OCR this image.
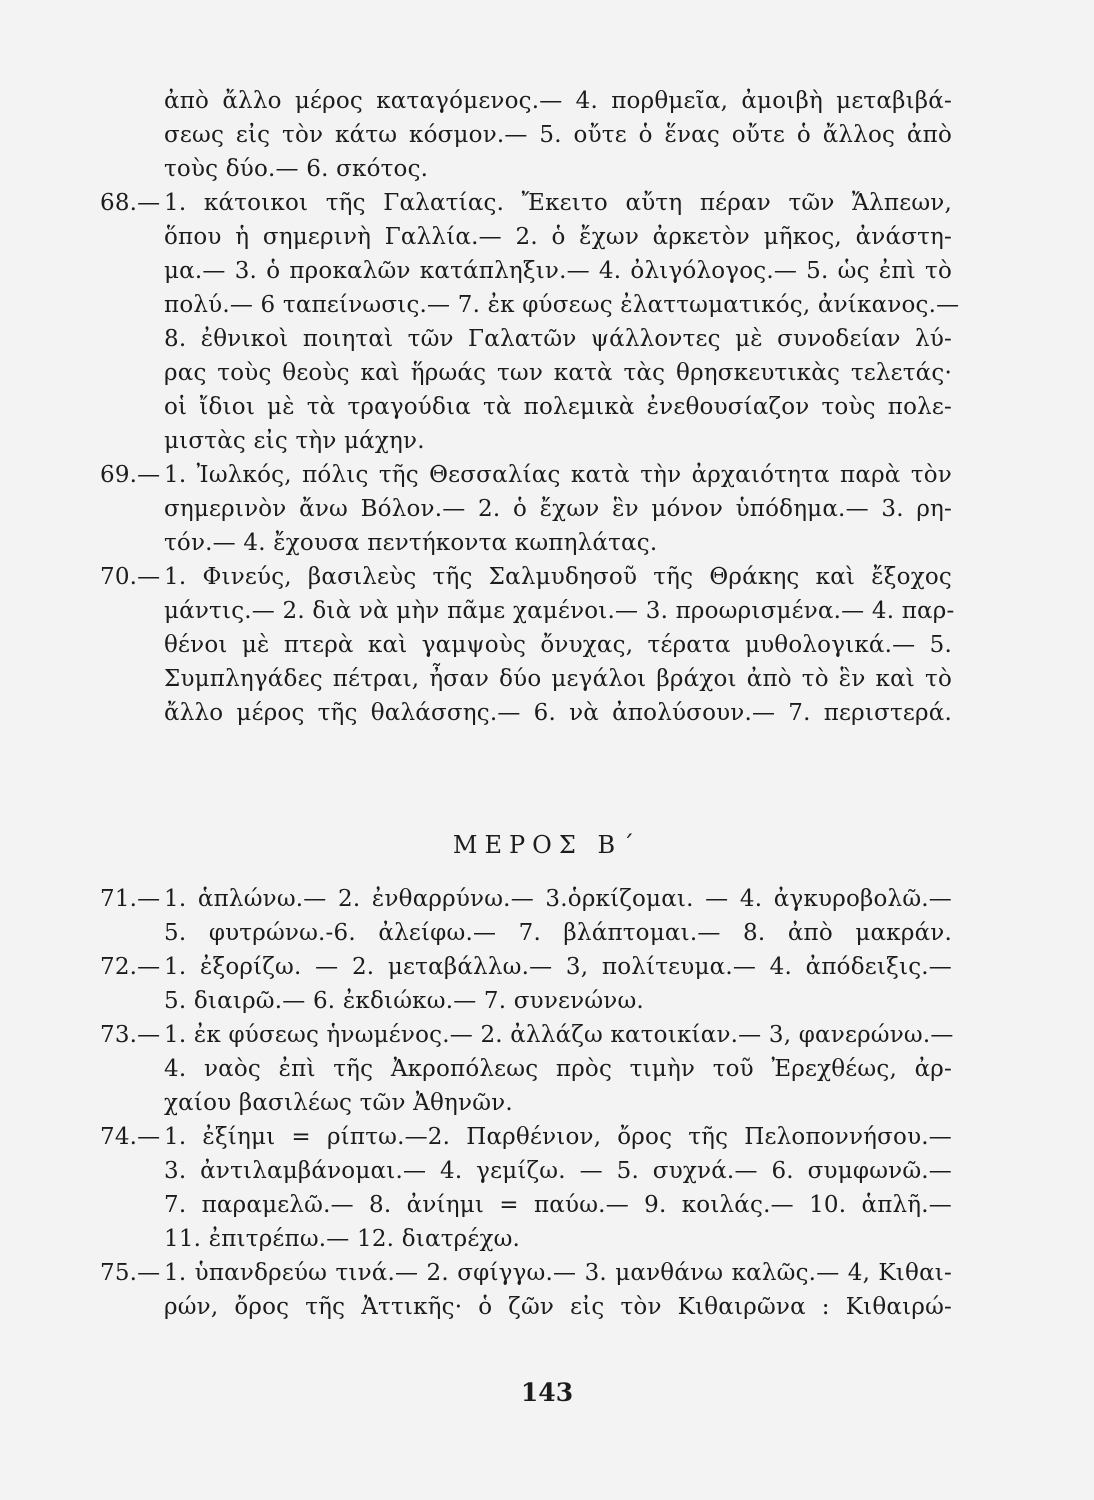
ἀπὸ ἄλλο μέρος καταγόμενος.— 4. πορθμεῖα, ἀμοιβὴ μεταβιβά-
σεως εἰς τὸν κάτω κόσμον.— 5. οὔτε ὁ ἕνας οὔτε ὁ ἄλλος ἀπὸ
τοὺς δύο.— 6. σκότος.
68.— 1. κάτοικοι τῆς Γαλατίας. Ἔκειτο αὔτη πέραν τῶν Ἄλπεων,
ὅπου ἡ σημερινὴ Γαλλία.— 2. ὁ ἔχων ἀρκετὸν μῆκος, ἀνάστη-
μα.— 3. ὁ προκαλῶν κατάπληξιν.— 4. ὀλιγόλογος.— 5. ὡς ἐπὶ τὸ
πολύ.— 6 ταπείνωσις.— 7. ἐκ φύσεως ἐλαττωματικός, ἀνίκανος.—
8. ἐθνικοὶ ποιηταὶ τῶν Γαλατῶν ψάλλοντες μὲ συνοδείαν λύ-
ρας τοὺς θεοὺς καὶ ἥρωάς των κατὰ τὰς θρησκευτικὰς τελετάς·
οἱ ἴδιοι μὲ τὰ τραγούδια τὰ πολεμικὰ ἐνεθουσίαζον τοὺς πολε-
μιστὰς εἰς τὴν μάχην.
69.— 1. Ἰωλκός, πόλις τῆς Θεσσαλίας κατὰ τὴν ἀρχαιότητα παρὰ τὸν
σημερινὸν ἄνω Βόλον.— 2. ὁ ἔχων ἓν μόνον ὑπόδημα.— 3. ρη-
τόν.— 4. ἔχουσα πεντήκοντα κωπηλάτας.
70.— 1. Φινεύς, βασιλεὺς τῆς Σαλμυδησοῦ τῆς Θράκης καὶ ἔξοχος
μάντις.— 2. διὰ νὰ μὴν πᾶμε χαμένοι.— 3. προωρισμένα.— 4. παρ-
θένοι μὲ πτερὰ καὶ γαμψοὺς ὄνυχας, τέρατα μυθολογικά.— 5.
Συμπληγάδες πέτραι, ἦσαν δύο μεγάλοι βράχοι ἀπὸ τὸ ἓν καὶ τὸ
ἄλλο μέρος τῆς θαλάσσης.— 6. νὰ ἀπολύσουν.— 7. περιστερά.
ΜΕΡΟΣ Β΄
71.— 1. ἁπλώνω.— 2. ἐνθαρρύνω.— 3.ὁρκίζομαι. — 4. ἀγκυροβολῶ.—
5. φυτρώνω.-6. ἀλείφω.— 7. βλάπτομαι.— 8. ἀπὸ μακράν.
72.— 1. ἐξορίζω. — 2. μεταβάλλω.— 3, πολίτευμα.— 4. ἀπόδειξις.—
5. διαιρῶ.— 6. ἐκδιώκω.— 7. συνενώνω.
73.— 1. ἐκ φύσεως ἡνωμένος.— 2. ἀλλάζω κατοικίαν.— 3, φανερώνω.—
4. ναὸς ἐπὶ τῆς Ἀκροπόλεως πρὸς τιμὴν τοῦ Ἐρεχθέως, ἀρ-
χαίου βασιλέως τῶν Ἀθηνῶν.
74.— 1. ἐξίημι = ρίπτω.—2. Παρθένιον, ὄρος τῆς Πελοποννήσου.—
3. ἀντιλαμβάνομαι.— 4. γεμίζω. — 5. συχνά.— 6. συμφωνῶ.—
7. παραμελῶ.— 8. ἀνίημι = παύω.— 9. κοιλάς.— 10. ἁπλῆ.—
11. ἐπιτρέπω.— 12. διατρέχω.
75.— 1. ὑπανδρεύω τινά.— 2. σφίγγω.— 3. μανθάνω καλῶς.— 4, Κιθαι-
ρών, ὄρος τῆς Ἀττικῆς· ὁ ζῶν εἰς τὸν Κιθαιρῶνα : Κιθαιρώ-
143
